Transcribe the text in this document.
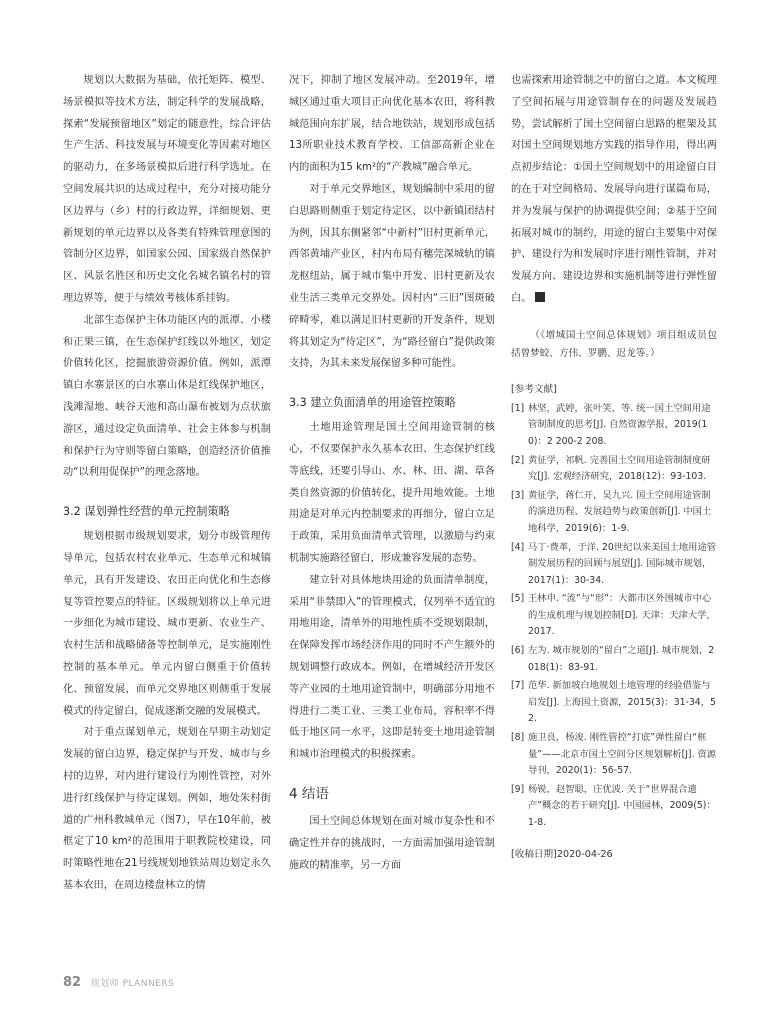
规划以大数据为基础，依托矩阵、模型、场景模拟等技术方法，制定科学的发展战略，探索“发展预留地区”划定的随意性，综合评估生产生活、科技发展与环境变化等因素对地区的驱动力，在多场景模拟后进行科学选址。在空间发展共识的达成过程中，充分对接功能分区边界与（乡）村的行政边界，详细规划、更新规划的单元边界以及各类有特殊管理意图的管制分区边界，如国家公园、国家级自然保护区、风景名胜区和历史文化名城名镇名村的管理边界等，便于与绩效考核体系挂钩。

北部生态保护主体功能区内的派潭、小楼和正果三镇，在生态保护红线以外地区，划定价值转化区，挖掘旅游资源价值。例如，派潭镇白水寨景区的白水寨山体是红线保护地区，浅滩湿地、峡谷天池和高山瀑布被划为点状旅游区，通过设定负面清单、社会主体参与机制和保护行为守则等留白策略，创造经济价值推动“以利用促保护”的理念落地。

3.2 谋划弹性经营的单元控制策略

规划根据市级规划要求，划分市级管理传导单元，包括农村农业单元、生态单元和城镇单元，具有开发建设、农田正向优化和生态修复等管控要点的特征。区级规划将以上单元进一步细化为城市建设、城市更新、农业生产、农村生活和战略储备等控制单元，是实施刚性控制的基本单元。单元内留白侧重于价值转化、预留发展，而单元交界地区则侧重于发展模式的待定留白，促成逐渐交融的发展模式。

对于重点谋划单元，规划在早期主动划定发展的留白边界，稳定保护与开发、城市与乡村的边界，对内进行建设行为刚性管控，对外进行红线保护与待定谋划。例如，地处朱村街道的广州科教城单元（图7），早在10年前，被框定了10 km²的范围用于职教院校建设，同时策略性地在21号线规划地铁站周边划定永久基本农田，在周边楼盘林立的情

况下，抑制了地区发展冲动。至2019年，增城区通过重大项目正向优化基本农田，将科教城范围向东扩展，结合地铁站，规划形成包括13所职业技术教育学校、工信部高新企业在内的面积为15 km²的“产教城”融合单元。

对于单元交界地区，规划编制中采用的留白思路则侧重于划定待定区，以中新镇团结村为例，因其东侧紧邻“中新村”旧村更新单元，西邻黄埔产业区，村内布局有穗莞深城轨的镇龙枢纽站，属于城市集中开发、旧村更新及农业生活三类单元交界处。因村内“三旧”图斑破碎畸零，难以满足旧村更新的开发条件，规划将其划定为“待定区”，为“路径留白”提供政策支持，为其未来发展保留多种可能性。

3.3 建立负面清单的用途管控策略

土地用途管理是国土空间用途管制的核心，不仅要保护永久基本农田、生态保护红线等底线，还要引导山、水、林、田、湖、草各类自然资源的价值转化，提升用地效能。土地用途是对单元内控制要求的再细分，留白立足于政策，采用负面清单式管理，以激励与约束机制实施路径留白，形成兼容发展的态势。

建立针对具体地块用途的负面清单制度，采用“非禁即入”的管理模式，仅列举不适宜的用地用途，清单外的用地性质不受规划限制，在保障发挥市场经济作用的同时不产生额外的规划调整行政成本。例如，在增城经济开发区等产业园的土地用途管制中，明确部分用地不得进行二类工业、三类工业布局，容积率不得低于地区同一水平，这即是转变土地用途管制和城市治理模式的积极探索。

4 结语

国土空间总体规划在面对城市复杂性和不确定性并存的挑战时，一方面需加强用途管制施政的精准率，另一方面

也需探索用途管制之中的留白之道。本文梳理了空间拓展与用途管制存在的问题及发展趋势，尝试解析了国土空间留白思路的框架及其对国土空间规划地方实践的指导作用，得出两点初步结论：①国土空间规划中的用途留白目的在于对空间格局、发展导向进行谋篇布局，并为发展与保护的协调提供空间；②基于空间拓展对城市的制约，用途的留白主要集中对保护、建设行为和发展时序进行刚性管制，并对发展方向、建设边界和实施机制等进行弹性留白。

（《增城国土空间总体规划》项目组成员包括曾梦蛟、方伟、罗鹏、迟龙等。）

[参考文献]
[1] 林坚，武婷，张叶笑，等. 统一国土空间用途管制制度的思考[J]. 自然资源学报，2019(10)：2 200-2 208.
[2] 黄征学，祁帆. 完善国土空间用途管制制度研究[J]. 宏观经济研究，2018(12)：93-103.
[3] 黄征学，蒋仁开，吴九兴. 国土空间用途管制的演进历程、发展趋势与政策创新[J]. 中国土地科学，2019(6)：1-9.
[4] 马丁·费革，于洋. 20世纪以来美国土地用途管制发展历程的回顾与展望[J]. 国际城市规划，2017(1)：30-34.
[5] 王林申. “流”与“形”：大都市区外围城市中心的生成机理与规划控制[D]. 天津：天津大学，2017.
[6] 左为. 城市规划的“留白”之道[J]. 城市规划，2018(1)：83-91.
[7] 范华. 新加坡白地规划土地管理的经验借鉴与启发[J]. 上海国土资源，2015(3)：31-34，52.
[8] 施卫良，杨浚. 刚性管控“打底”弹性留白“框量”——北京市国土空间分区规划解析[J]. 资源导刊，2020(1)：56-57.
[9] 杨锐，赵智聪，庄优波. 关于“世界混合遗产”概念的若干研究[J]. 中国园林，2009(5)：1-8.
[收稿日期]2020-04-26
82 规划师 PLANNERS
